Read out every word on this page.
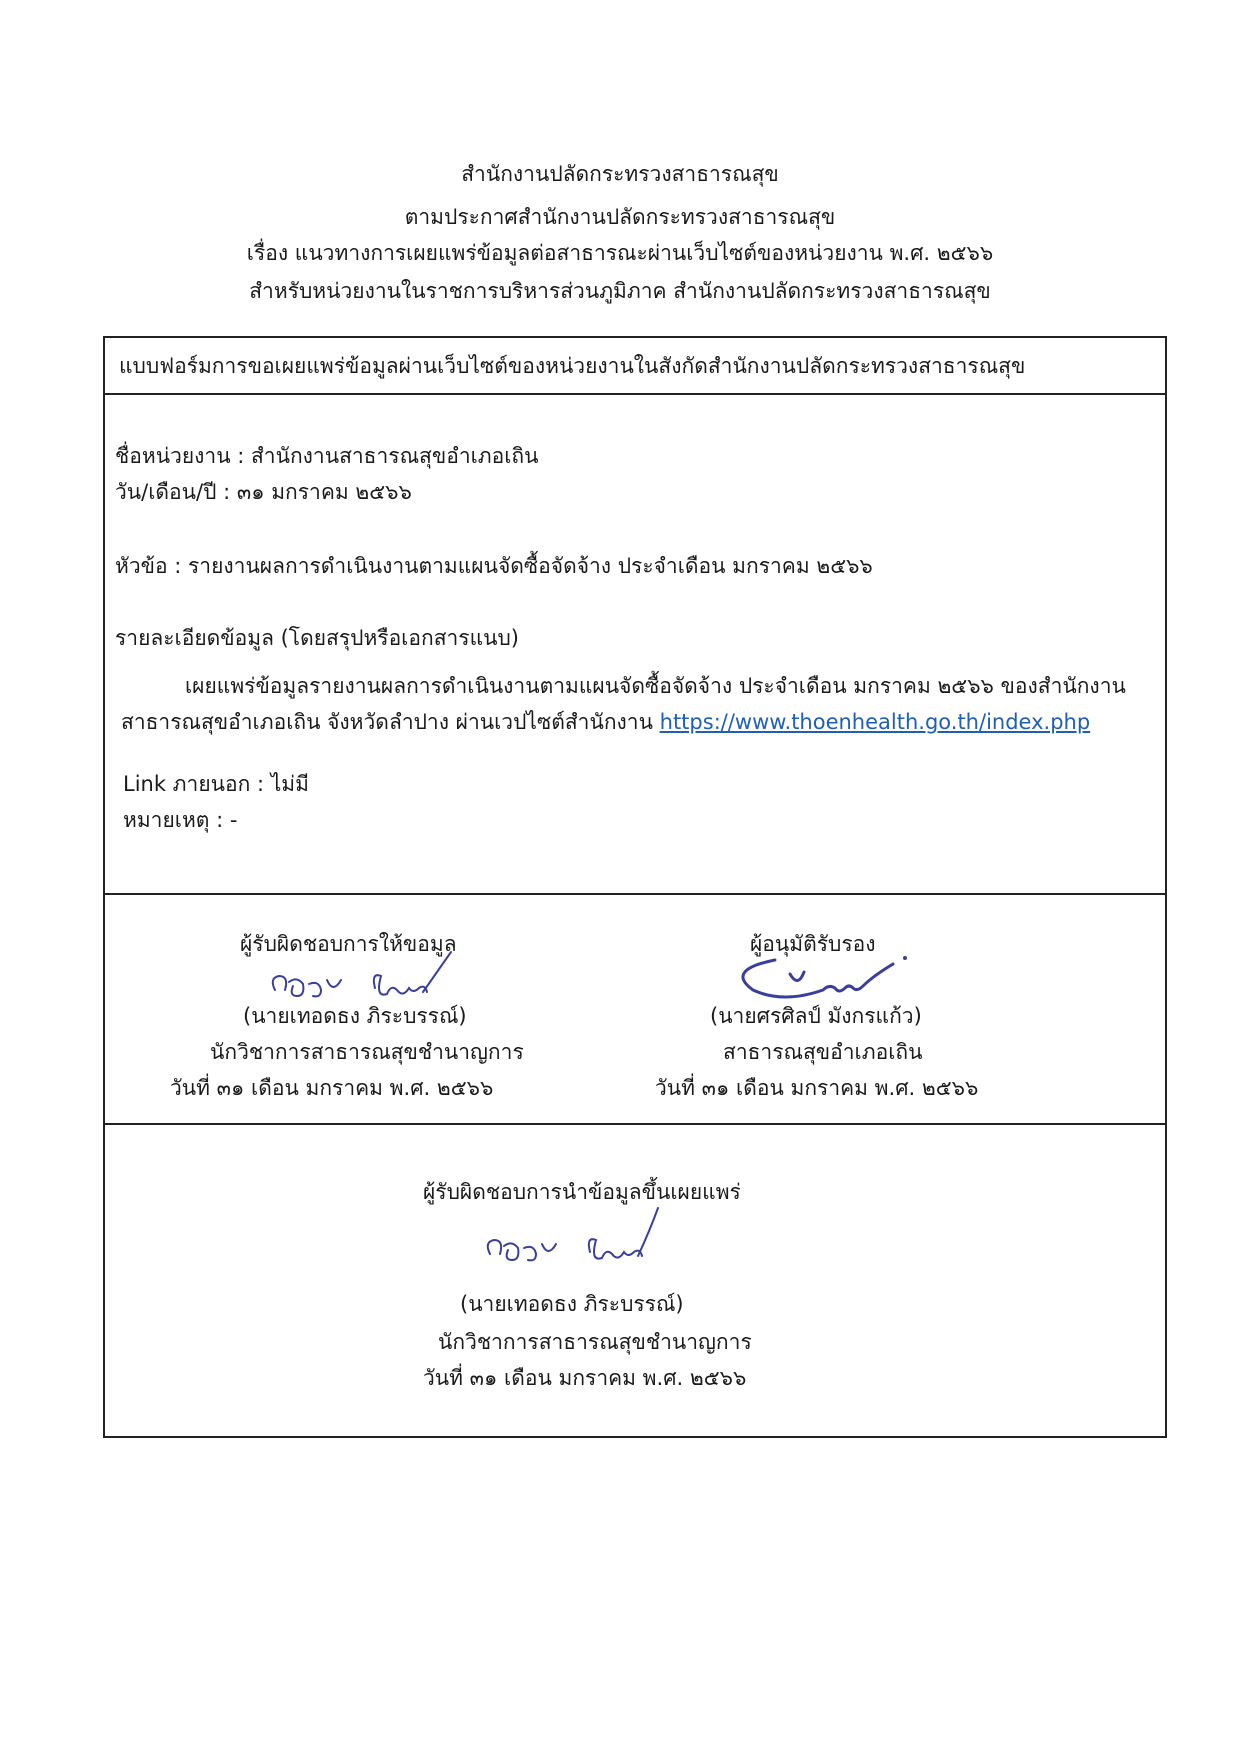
สำนักงานปลัดกระทรวงสาธารณสุข
ตามประกาศสำนักงานปลัดกระทรวงสาธารณสุข
เรื่อง แนวทางการเผยแพร่ข้อมูลต่อสาธารณะผ่านเว็บไซต์ของหน่วยงาน พ.ศ. ๒๕๖๖
สำหรับหน่วยงานในราชการบริหารส่วนภูมิภาค สำนักงานปลัดกระทรวงสาธารณสุข
แบบฟอร์มการขอเผยแพร่ข้อมูลผ่านเว็บไซต์ของหน่วยงานในสังกัดสำนักงานปลัดกระทรวงสาธารณสุข
ชื่อหน่วยงาน : สำนักงานสาธารณสุขอำเภอเถิน
วัน/เดือน/ปี : ๓๑ มกราคม ๒๕๖๖
หัวข้อ : รายงานผลการดำเนินงานตามแผนจัดซื้อจัดจ้าง ประจำเดือน มกราคม ๒๕๖๖
รายละเอียดข้อมูล (โดยสรุปหรือเอกสารแนบ)
เผยแพร่ข้อมูลรายงานผลการดำเนินงานตามแผนจัดซื้อจัดจ้าง ประจำเดือน มกราคม ๒๕๖๖ ของสำนักงาน
สาธารณสุขอำเภอเถิน จังหวัดลำปาง ผ่านเวปไซต์สำนักงาน https://www.thoenhealth.go.th/index.php
Link ภายนอก : ไม่มี
หมายเหตุ : -
ผู้รับผิดชอบการให้ขอมูล
(นายเทอดธง ภิระบรรณ์)
นักวิชาการสาธารณสุขชำนาญการ
วันที่ ๓๑ เดือน มกราคม พ.ศ. ๒๕๖๖
ผู้อนุมัติรับรอง
(นายศรศิลป์ มังกรแก้ว)
สาธารณสุขอำเภอเถิน
วันที่ ๓๑ เดือน มกราคม พ.ศ. ๒๕๖๖
ผู้รับผิดชอบการนำข้อมูลขึ้นเผยแพร่
(นายเทอดธง ภิระบรรณ์)
นักวิชาการสาธารณสุขชำนาญการ
วันที่ ๓๑ เดือน มกราคม พ.ศ. ๒๕๖๖
